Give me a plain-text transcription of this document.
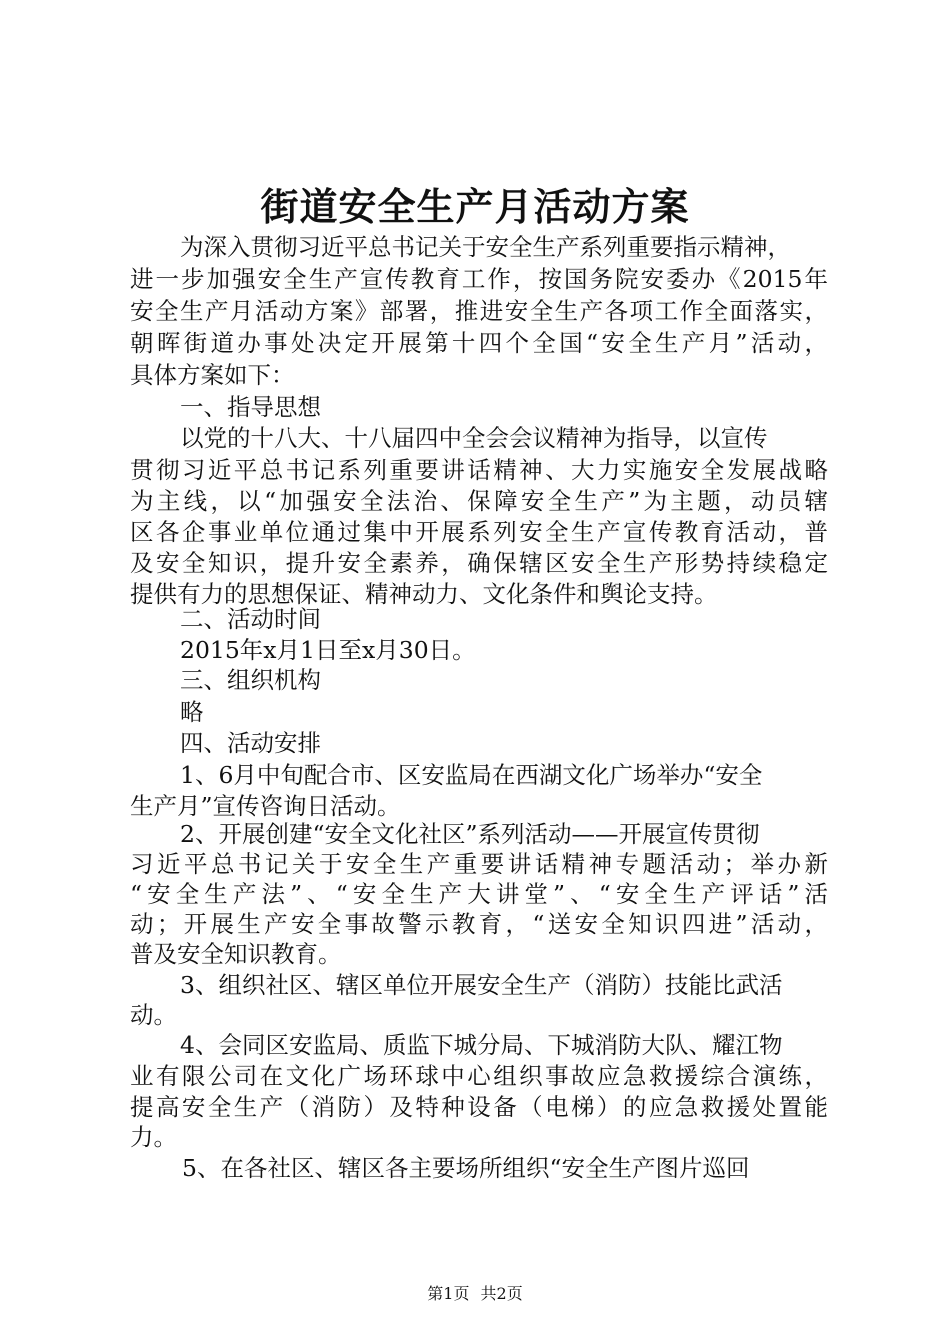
街道安全生产月活动方案
为深入贯彻习近平总书记关于安全生产系列重要指示精神，
进一步加强安全生产宣传教育工作，按国务院安委办《2015年
安全生产月活动方案》部署，推进安全生产各项工作全面落实，
朝晖街道办事处决定开展第十四个全国“安全生产月”活动，
具体方案如下：
一、指导思想
以党的十八大、十八届四中全会会议精神为指导，以宣传
贯彻习近平总书记系列重要讲话精神、大力实施安全发展战略
为主线，以“加强安全法治、保障安全生产”为主题，动员辖
区各企事业单位通过集中开展系列安全生产宣传教育活动，普
及安全知识，提升安全素养，确保辖区安全生产形势持续稳定
提供有力的思想保证、精神动力、文化条件和舆论支持。
二、活动时间
2015年x月1日至x月30日。
三、组织机构
略
四、活动安排
1、6月中旬配合市、区安监局在西湖文化广场举办“安全
生产月”宣传咨询日活动。
2、开展创建“安全文化社区”系列活动——开展宣传贯彻
习近平总书记关于安全生产重要讲话精神专题活动；举办新
“安全生产法”、“安全生产大讲堂”、“安全生产评话”活
动；开展生产安全事故警示教育，“送安全知识四进”活动，
普及安全知识教育。
3、组织社区、辖区单位开展安全生产（消防）技能比武活
动。
4、会同区安监局、质监下城分局、下城消防大队、耀江物
业有限公司在文化广场环球中心组织事故应急救援综合演练，
提高安全生产（消防）及特种设备（电梯）的应急救援处置能
力。
5、在各社区、辖区各主要场所组织“安全生产图片巡回
第1页 共2页
